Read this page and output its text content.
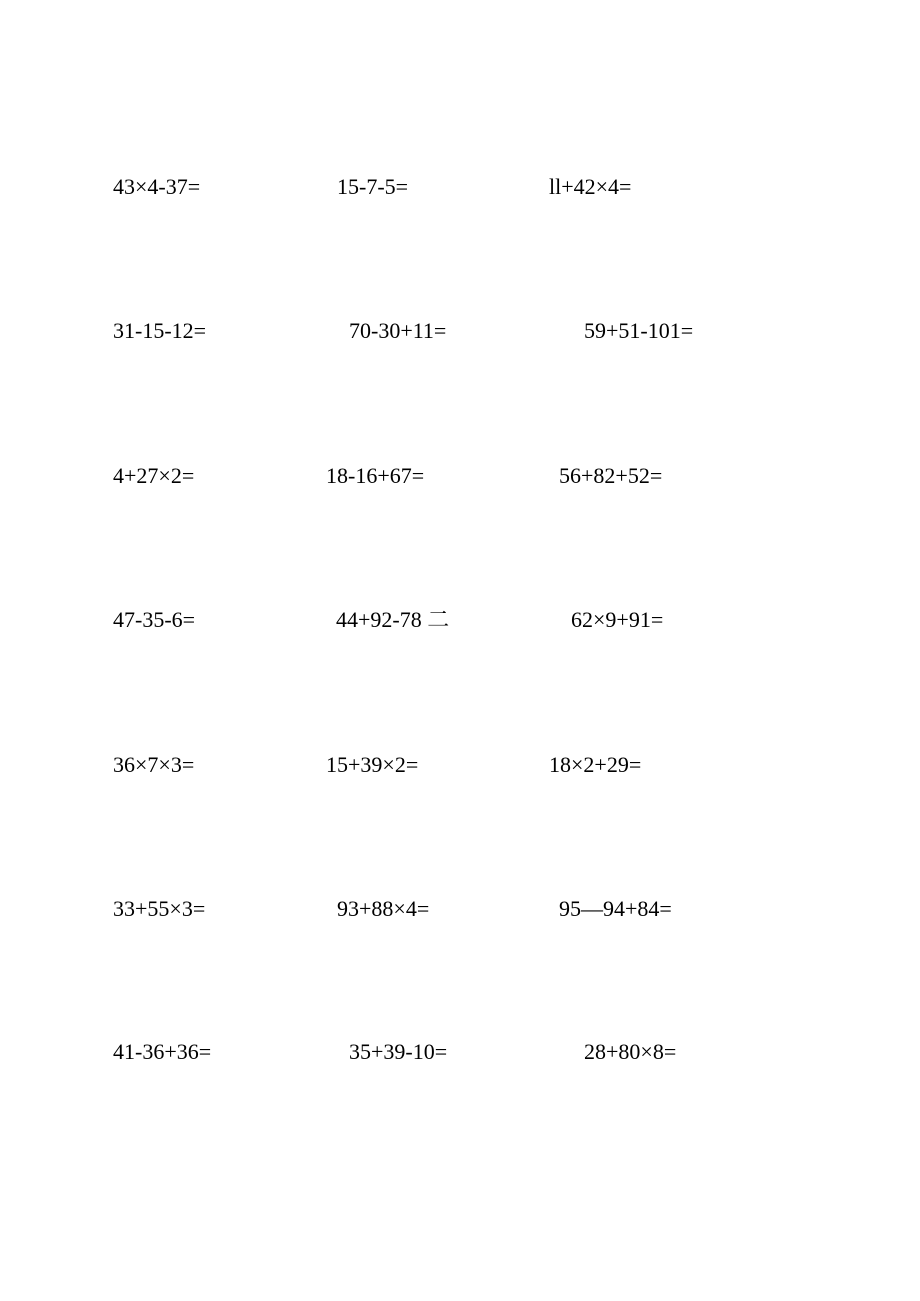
43×4-37=	15-7-5=	ll+42×4=
31-15-12=	70-30+11=	59+51-101=
4+27×2=	18-16+67=	56+82+52=
47-35-6=	44+92-78 二	62×9+91=
36×7×3=	15+39×2=	18×2+29=
33+55×3=	93+88×4=	95—94+84=
41-36+36=	35+39-10=	28+80×8=
